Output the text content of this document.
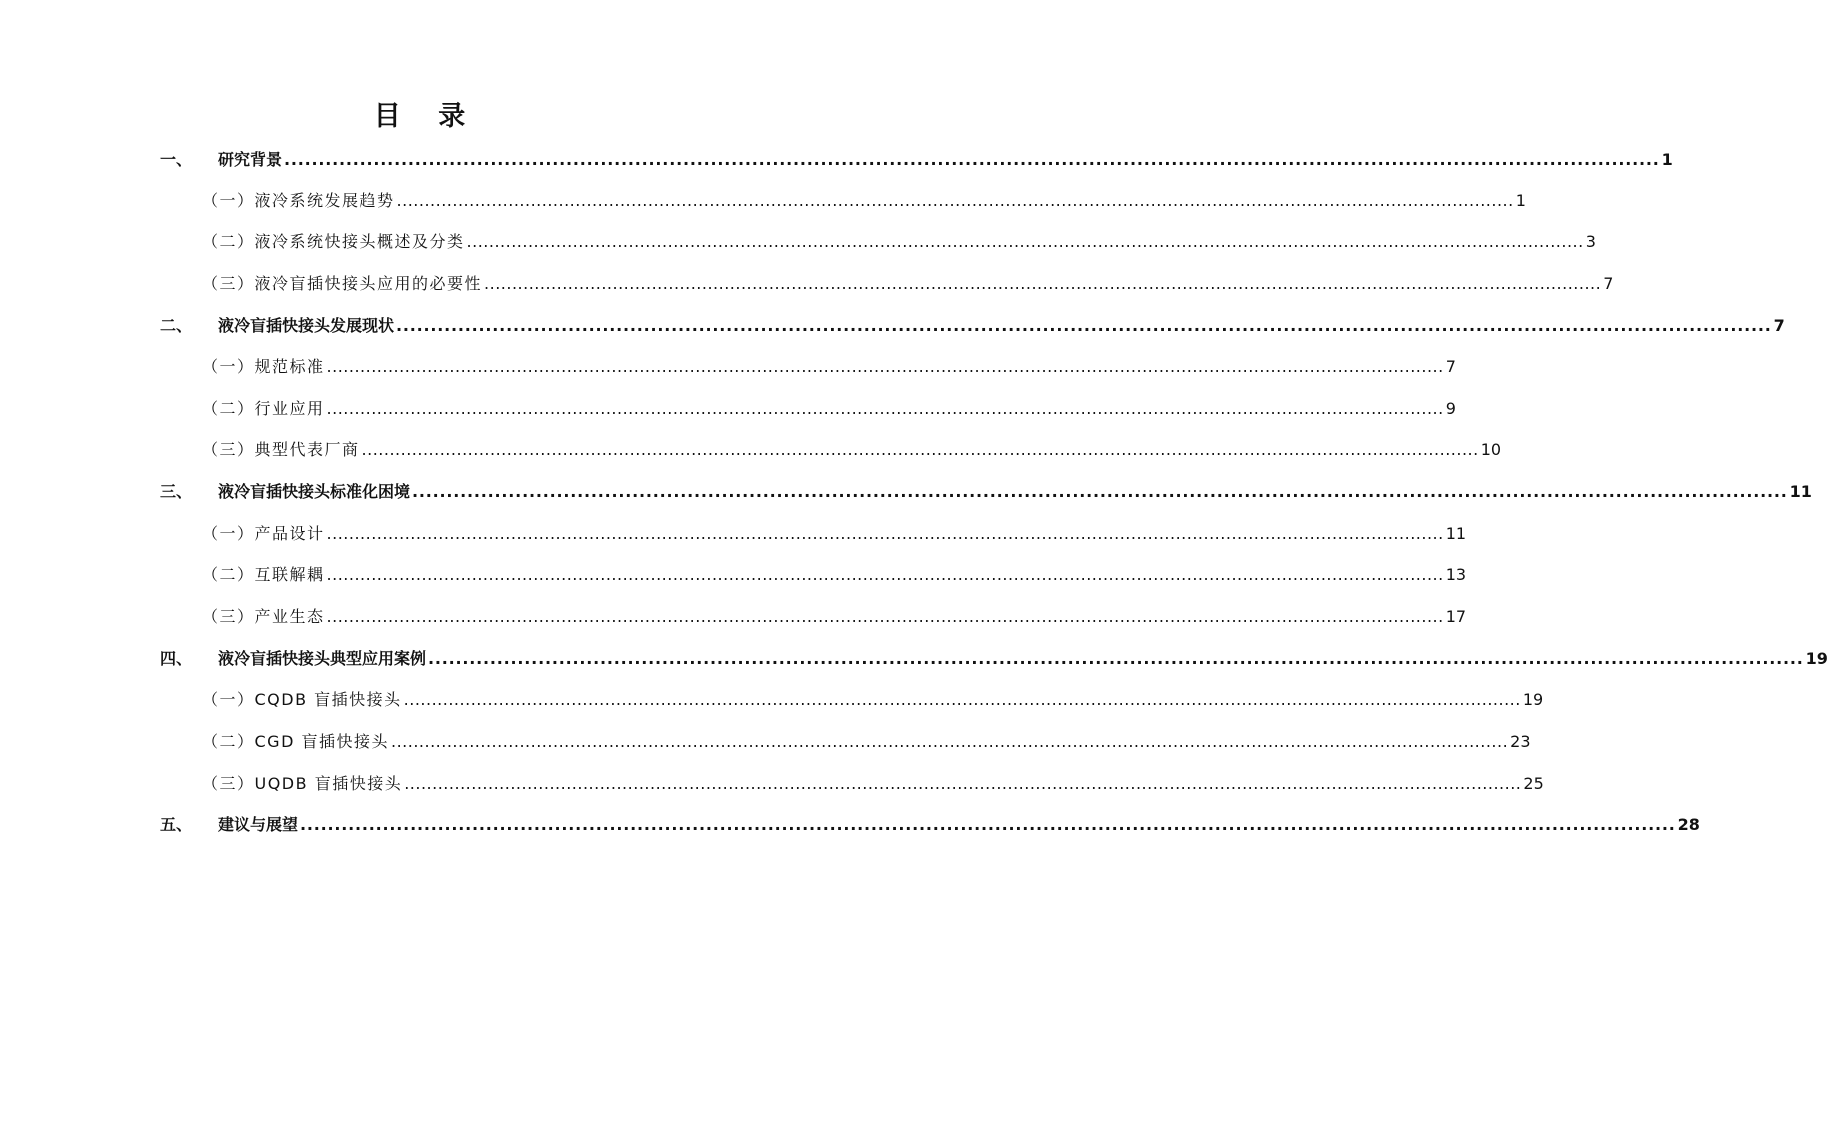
目 录
一、	研究背景 ........................................................................................................................................................................................................ 1
（一）液冷系统发展趋势 ........................................................................................................................................................................................................ 1
（二）液冷系统快接头概述及分类 ........................................................................................................................................................................................................ 3
（三）液冷盲插快接头应用的必要性 ........................................................................................................................................................................................................ 7
二、	液冷盲插快接头发展现状 ........................................................................................................................................................................................................ 7
（一）规范标准 ........................................................................................................................................................................................................ 7
（二）行业应用 ........................................................................................................................................................................................................ 9
（三）典型代表厂商 ........................................................................................................................................................................................................ 10
三、	液冷盲插快接头标准化困境 ........................................................................................................................................................................................................ 11
（一）产品设计 ........................................................................................................................................................................................................ 11
（二）互联解耦 ........................................................................................................................................................................................................ 13
（三）产业生态 ........................................................................................................................................................................................................ 17
四、	液冷盲插快接头典型应用案例 ........................................................................................................................................................................................................ 19
（一）CQDB 盲插快接头 ........................................................................................................................................................................................................ 19
（二）CGD 盲插快接头 ........................................................................................................................................................................................................ 23
（三）UQDB 盲插快接头 ........................................................................................................................................................................................................ 25
五、	建议与展望 ........................................................................................................................................................................................................ 28
